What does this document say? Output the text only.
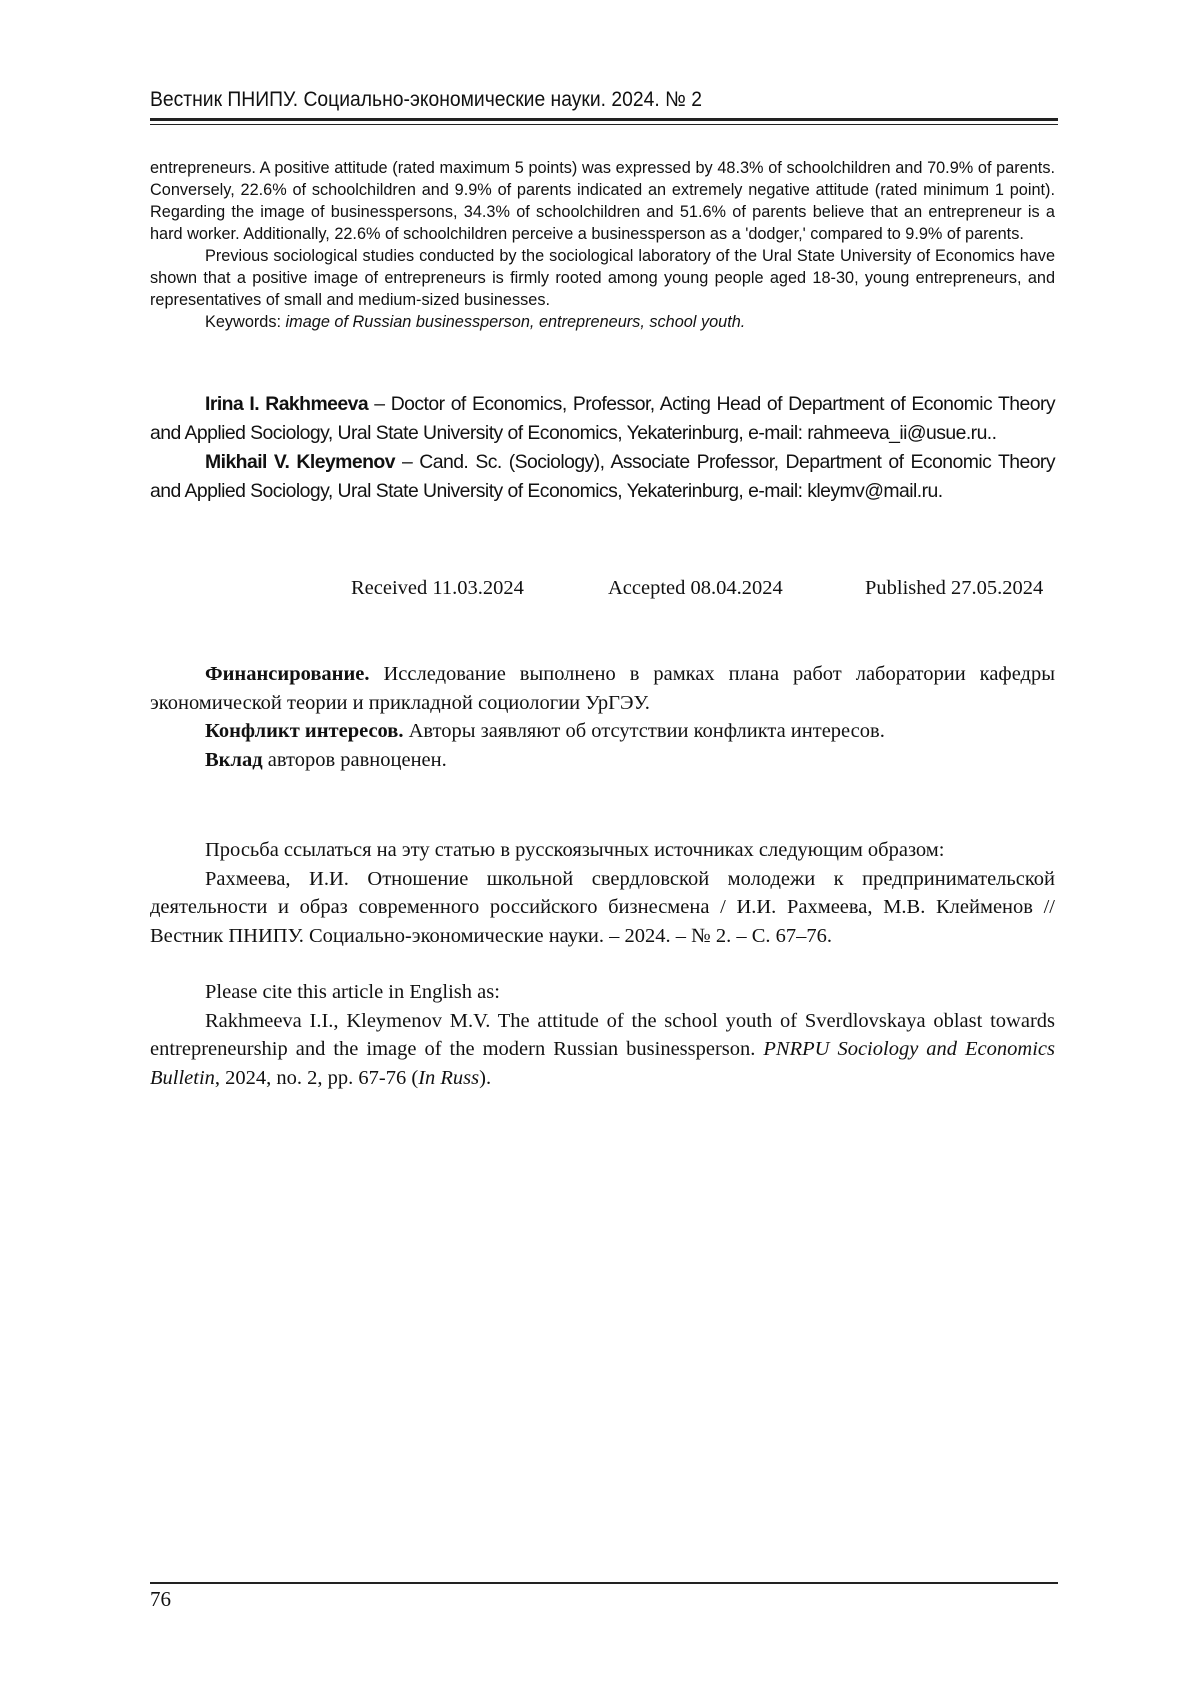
Вестник ПНИПУ. Социально-экономические науки. 2024. № 2

entrepreneurs. A positive attitude (rated maximum 5 points) was expressed by 48.3% of schoolchildren and 70.9% of parents. Conversely, 22.6% of schoolchildren and 9.9% of parents indicated an extremely negative attitude (rated minimum 1 point). Regarding the image of businesspersons, 34.3% of schoolchildren and 51.6% of parents believe that an entrepreneur is a hard worker. Additionally, 22.6% of schoolchildren perceive a businessperson as a 'dodger,' compared to 9.9% of parents.

Previous sociological studies conducted by the sociological laboratory of the Ural State University of Economics have shown that a positive image of entrepreneurs is firmly rooted among young people aged 18-30, young entrepreneurs, and representatives of small and medium-sized businesses.

Keywords: image of Russian businessperson, entrepreneurs, school youth.

Irina I. Rakhmeeva – Doctor of Economics, Professor, Acting Head of Department of Economic Theory and Applied Sociology, Ural State University of Economics, Yekaterinburg, e-mail: rahmeeva_ii@usue.ru..

Mikhail V. Kleymenov – Cand. Sc. (Sociology), Associate Professor, Department of Economic Theory and Applied Sociology, Ural State University of Economics, Yekaterinburg, e-mail: kleymv@mail.ru.

Received 11.03.2024	Accepted 08.04.2024	Published 27.05.2024

Финансирование. Исследование выполнено в рамках плана работ лаборатории кафедры экономической теории и прикладной социологии УрГЭУ.

Конфликт интересов. Авторы заявляют об отсутствии конфликта интересов.

Вклад авторов равноценен.

Просьба ссылаться на эту статью в русскоязычных источниках следующим образом:

Рахмеева, И.И. Отношение школьной свердловской молодежи к предпринимательской деятельности и образ современного российского бизнесмена / И.И. Рахмеева, М.В. Клейменов // Вестник ПНИПУ. Социально-экономические науки. – 2024. – № 2. – С. 67–76.

Please cite this article in English as:

Rakhmeeva I.I., Kleymenov M.V. The attitude of the school youth of Sverdlovskaya oblast towards entrepreneurship and the image of the modern Russian businessperson. PNRPU Sociology and Economics Bulletin, 2024, no. 2, pp. 67-76 (In Russ).

76
